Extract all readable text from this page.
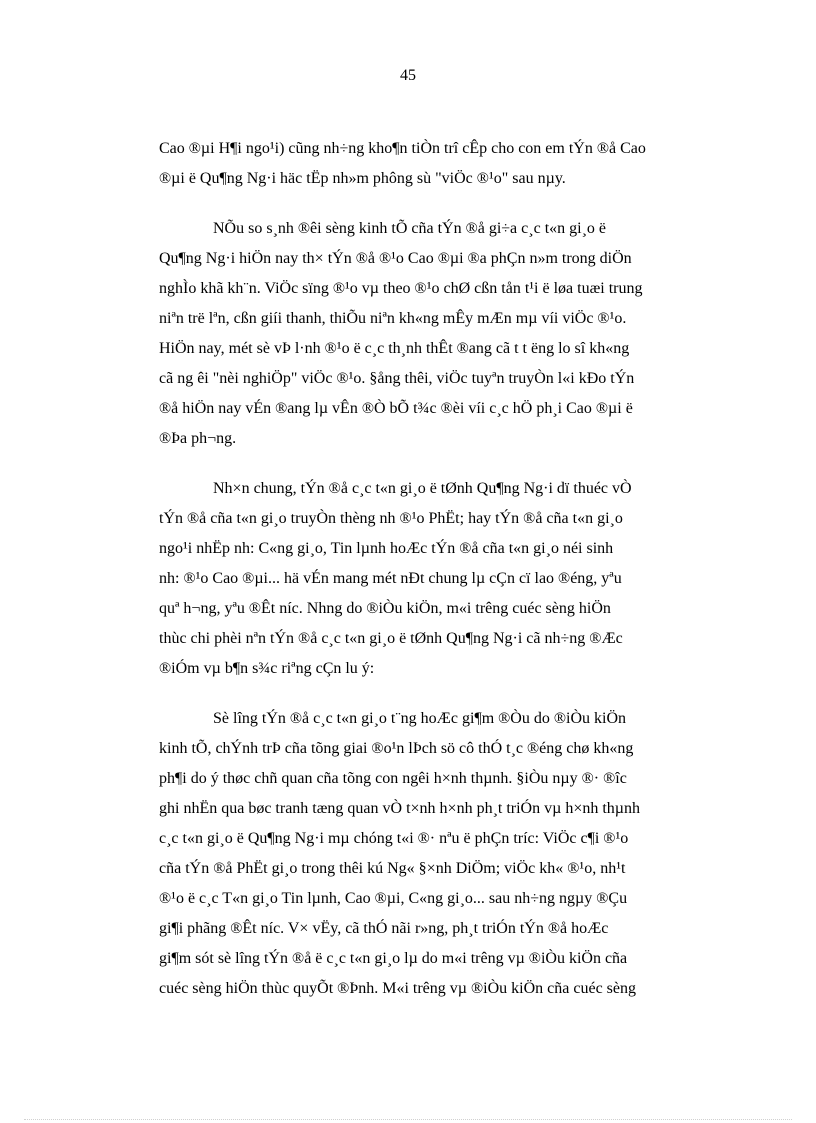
45

Cao ®µi H¶i ngo¹i) cũng nh÷ng kho¶n tiÒn trî cÊp cho con em tÝn ®å Cao
®µi ë Qu¶ng Ng·i häc tËp nh»m phông sù "viÖc ®¹o" sau nµy.

NÕu so s¸nh ®êi sèng kinh tÕ cña tÝn ®å gi÷a c¸c t«n gi¸o ë
Qu¶ng Ng·i hiÖn nay th× tÝn ®å ®¹o Cao ®µi ®a phÇn n»m trong diÖn
nghÌo khã kh¨n. ViÖc sïng ®¹o vµ theo ®¹o chØ cßn tån t¹i ë løa tuæi trung
niªn trë lªn, cßn giíi thanh, thiÕu niªn kh«ng mÊy mÆn mµ víi viÖc ®¹o.
HiÖn nay, mét sè vÞ l·nh ®¹o ë c¸c th¸nh thÊt ®ang cã t t ëng lo sî kh«ng
cã ng êi "nèi nghiÖp" viÖc ®¹o. §ång thêi, viÖc tuyªn truyÒn l«i kÐo tÝn
®å hiÖn nay vÉn ®ang lµ vÊn ®Ò bÕ t¾c ®èi víi c¸c hÖ ph¸i Cao ®µi ë
®Þa ph¬ng.

Nh×n chung, tÝn ®å c¸c t«n gi¸o ë tØnh Qu¶ng Ng·i dï thuéc vÒ
tÝn ®å cña t«n gi¸o truyÒn thèng nh ®¹o PhËt; hay tÝn ®å cña t«n gi¸o
ngo¹i nhËp nh: C«ng gi¸o, Tin lµnh hoÆc tÝn ®å cña t«n gi¸o néi sinh
nh: ®¹o Cao ®µi... hä vÉn mang mét nÐt chung lµ cÇn cï lao ®éng, yªu
quª h¬ng, yªu ®Êt níc. Nhng do ®iÒu kiÖn, m«i trêng cuéc sèng hiÖn
thùc chi phèi nªn tÝn ®å c¸c t«n gi¸o ë tØnh Qu¶ng Ng·i cã nh÷ng ®Æc
®iÓm vµ b¶n s¾c riªng cÇn lu ý:

Sè lîng tÝn ®å c¸c t«n gi¸o t¨ng hoÆc gi¶m ®Òu do ®iÒu kiÖn
kinh tÕ, chÝnh trÞ cña tõng giai ®o¹n lÞch sö cô thÓ t¸c ®éng chø kh«ng
ph¶i do ý thøc chñ quan cña tõng con ngêi h×nh thµnh. §iÒu nµy ®· ®îc
ghi nhËn qua bøc tranh tæng quan vÒ t×nh h×nh ph¸t triÓn vµ h×nh thµnh
c¸c t«n gi¸o ë Qu¶ng Ng·i mµ chóng t«i ®· nªu ë phÇn tríc: ViÖc c¶i ®¹o
cña tÝn ®å PhËt gi¸o trong thêi kú Ng« §×nh DiÖm; viÖc kh« ®¹o, nh¹t
®¹o ë c¸c T«n gi¸o Tin lµnh, Cao ®µi, C«ng gi¸o... sau nh÷ng ngµy ®Çu
gi¶i phãng ®Êt níc. V× vËy, cã thÓ nãi r»ng, ph¸t triÓn tÝn ®å hoÆc
gi¶m sót sè lîng tÝn ®å ë c¸c t«n gi¸o lµ do m«i trêng vµ ®iÒu kiÖn cña
cuéc sèng hiÖn thùc quyÕt ®Þnh. M«i trêng vµ ®iÒu kiÖn cña cuéc sèng
